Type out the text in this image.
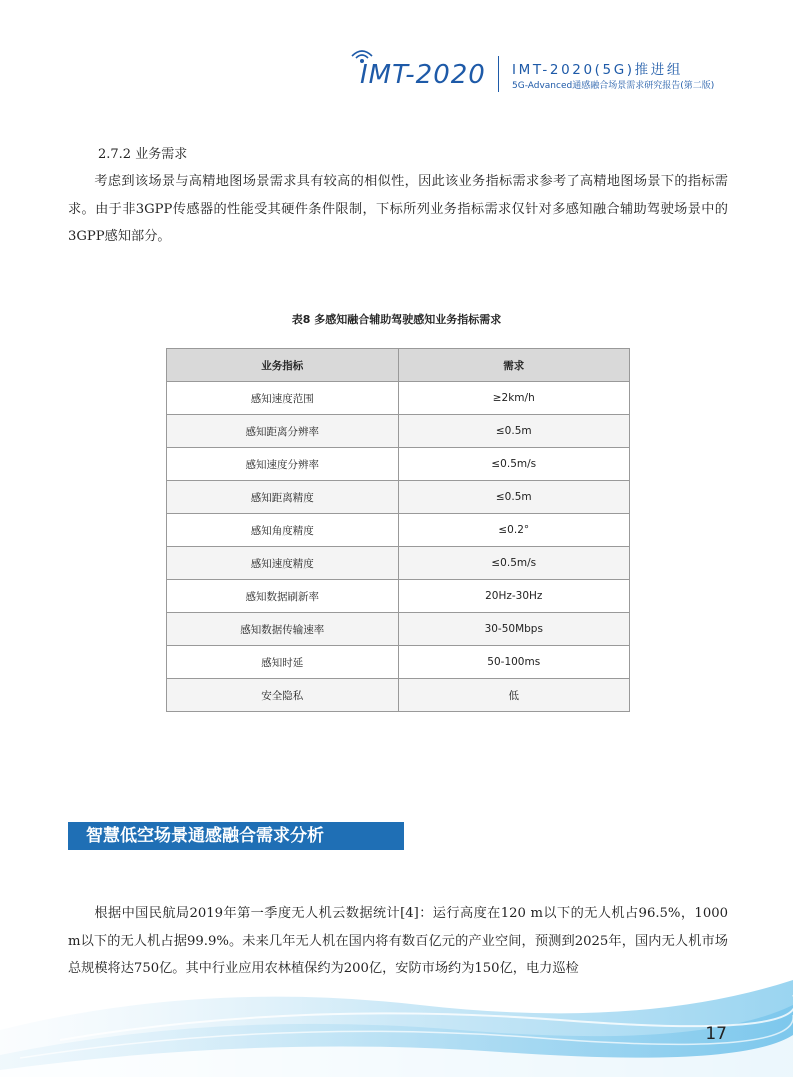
IMT-2020 IMT-2020(5G)推进组
5G-Advanced通感融合场景需求研究报告(第二版)
2.7.2 业务需求

考虑到该场景与高精地图场景需求具有较高的相似性，因此该业务指标需求参考了高精地图场景下的指标需求。由于非3GPP传感器的性能受其硬件条件限制，下标所列业务指标需求仅针对多感知融合辅助驾驶场景中的3GPP感知部分。

表8 多感知融合辅助驾驶感知业务指标需求
业务指标	需求
感知速度范围	≥2km/h
感知距离分辨率	≤0.5m
感知速度分辨率	≤0.5m/s
感知距离精度	≤0.5m
感知角度精度	≤0.2°
感知速度精度	≤0.5m/s
感知数据刷新率	20Hz-30Hz
感知数据传输速率	30-50Mbps
感知时延	50-100ms
安全隐私	低
智慧低空场景通感融合需求分析

根据中国民航局2019年第一季度无人机云数据统计[4]：运行高度在120 m以下的无人机占96.5%，1000 m以下的无人机占据99.9%。未来几年无人机在国内将有数百亿元的产业空间，预测到2025年，国内无人机市场总规模将达750亿。其中行业应用农林植保约为200亿，安防市场约为150亿，电力巡检

17
